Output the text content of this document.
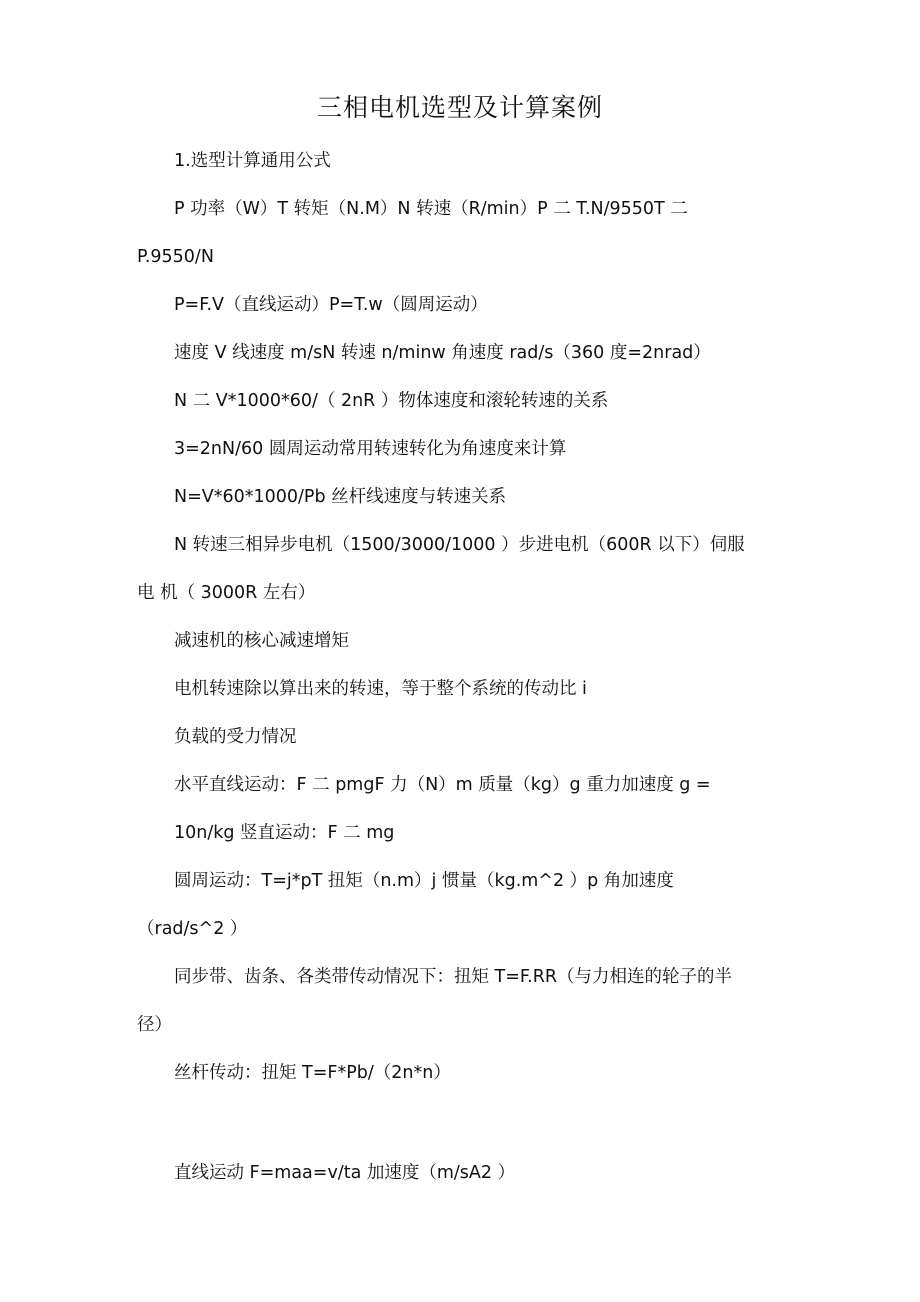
三相电机选型及计算案例
1.选型计算通用公式
P 功率（W）T 转矩（N.M）N 转速（R/min）P 二 T.N/9550T 二
P.9550/N
P=F.V（直线运动）P=T.w（圆周运动）
速度 V 线速度 m/sN 转速 n/minw 角速度 rad/s（360 度=2nrad）
N 二 V*1000*60/（ 2nR ）物体速度和滚轮转速的关系
3=2nN/60 圆周运动常用转速转化为角速度来计算
N=V*60*1000/Pb 丝杆线速度与转速关系
N 转速三相异步电机（1500/3000/1000 ）步进电机（600R 以下）伺服
电 机（ 3000R 左右）
减速机的核心减速增矩
电机转速除以算出来的转速，等于整个系统的传动比 i
负载的受力情况
水平直线运动：F 二 pmgF 力（N）m 质量（kg）g 重力加速度 g =
10n/kg 竖直运动：F 二 mg
圆周运动：T=j*pT 扭矩（n.m）j 惯量（kg.m^2 ）p 角加速度
（rad/s^2 ）
同步带、齿条、各类带传动情况下：扭矩 T=F.RR（与力相连的轮子的半
径）
丝杆传动：扭矩 T=F*Pb/（2n*n）
直线运动 F=maa=v/ta 加速度（m/sA2 ）
